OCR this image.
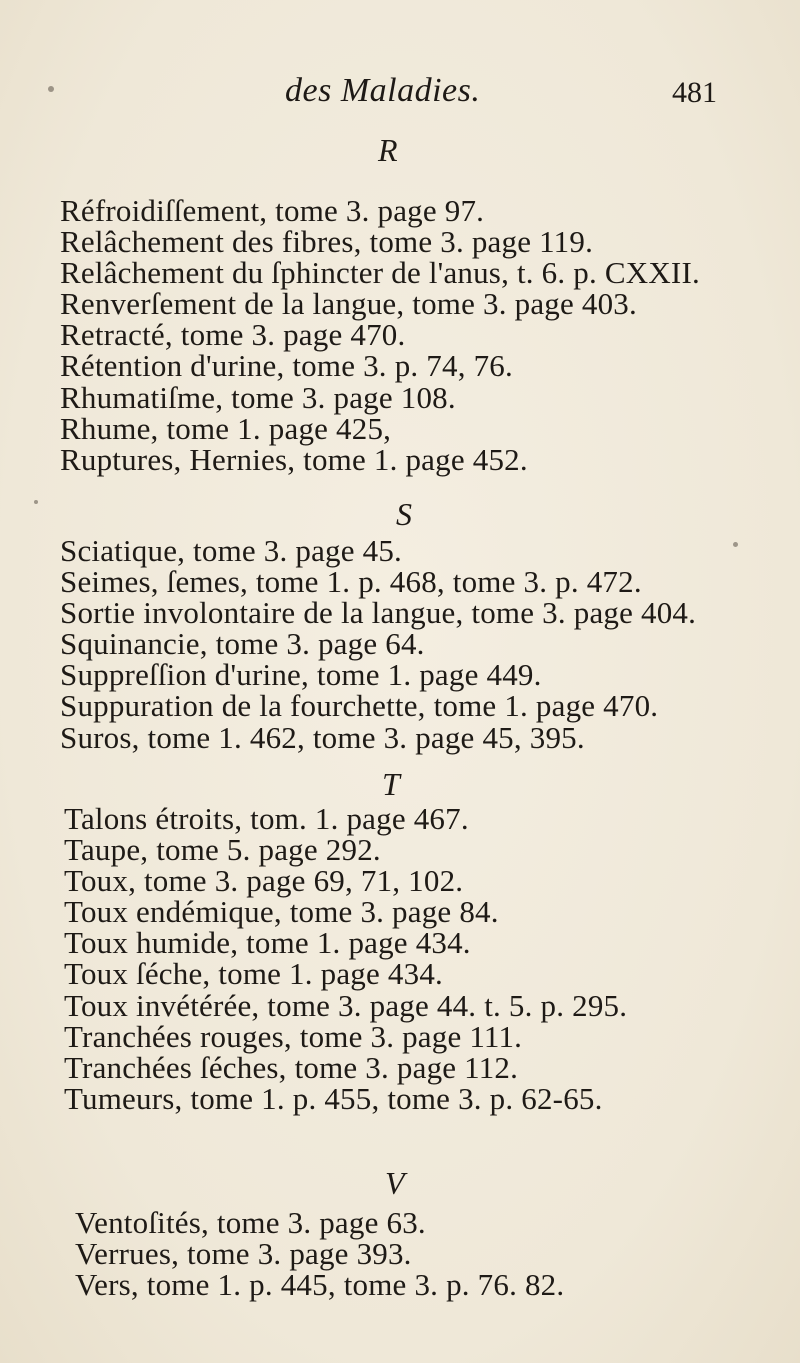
des Maladies.	481
R
Réfroidiſſement, tome 3. page 97.
Relâchement des fibres, tome 3. page 119.
Relâchement du ſphincter de l'anus, t. 6. p. CXXII.
Renverſement de la langue, tome 3. page 403.
Retracté, tome 3. page 470.
Rétention d'urine, tome 3. p. 74, 76.
Rhumatiſme, tome 3. page 108.
Rhume, tome 1. page 425,
Ruptures, Hernies, tome 1. page 452.
S
Sciatique, tome 3. page 45.
Seimes, ſemes, tome 1. p. 468, tome 3. p. 472.
Sortie involontaire de la langue, tome 3. page 404.
Squinancie, tome 3. page 64.
Suppreſſion d'urine, tome 1. page 449.
Suppuration de la fourchette, tome 1. page 470.
Suros, tome 1. 462, tome 3. page 45, 395.
T
Talons étroits, tom. 1. page 467.
Taupe, tome 5. page 292.
Toux, tome 3. page 69, 71, 102.
Toux endémique, tome 3. page 84.
Toux humide, tome 1. page 434.
Toux ſéche, tome 1. page 434.
Toux invétérée, tome 3. page 44. t. 5. p. 295.
Tranchées rouges, tome 3. page 111.
Tranchées ſéches, tome 3. page 112.
Tumeurs, tome 1. p. 455, tome 3. p. 62-65.
V
Ventoſités, tome 3. page 63.
Verrues, tome 3. page 393.
Vers, tome 1. p. 445, tome 3. p. 76. 82.
